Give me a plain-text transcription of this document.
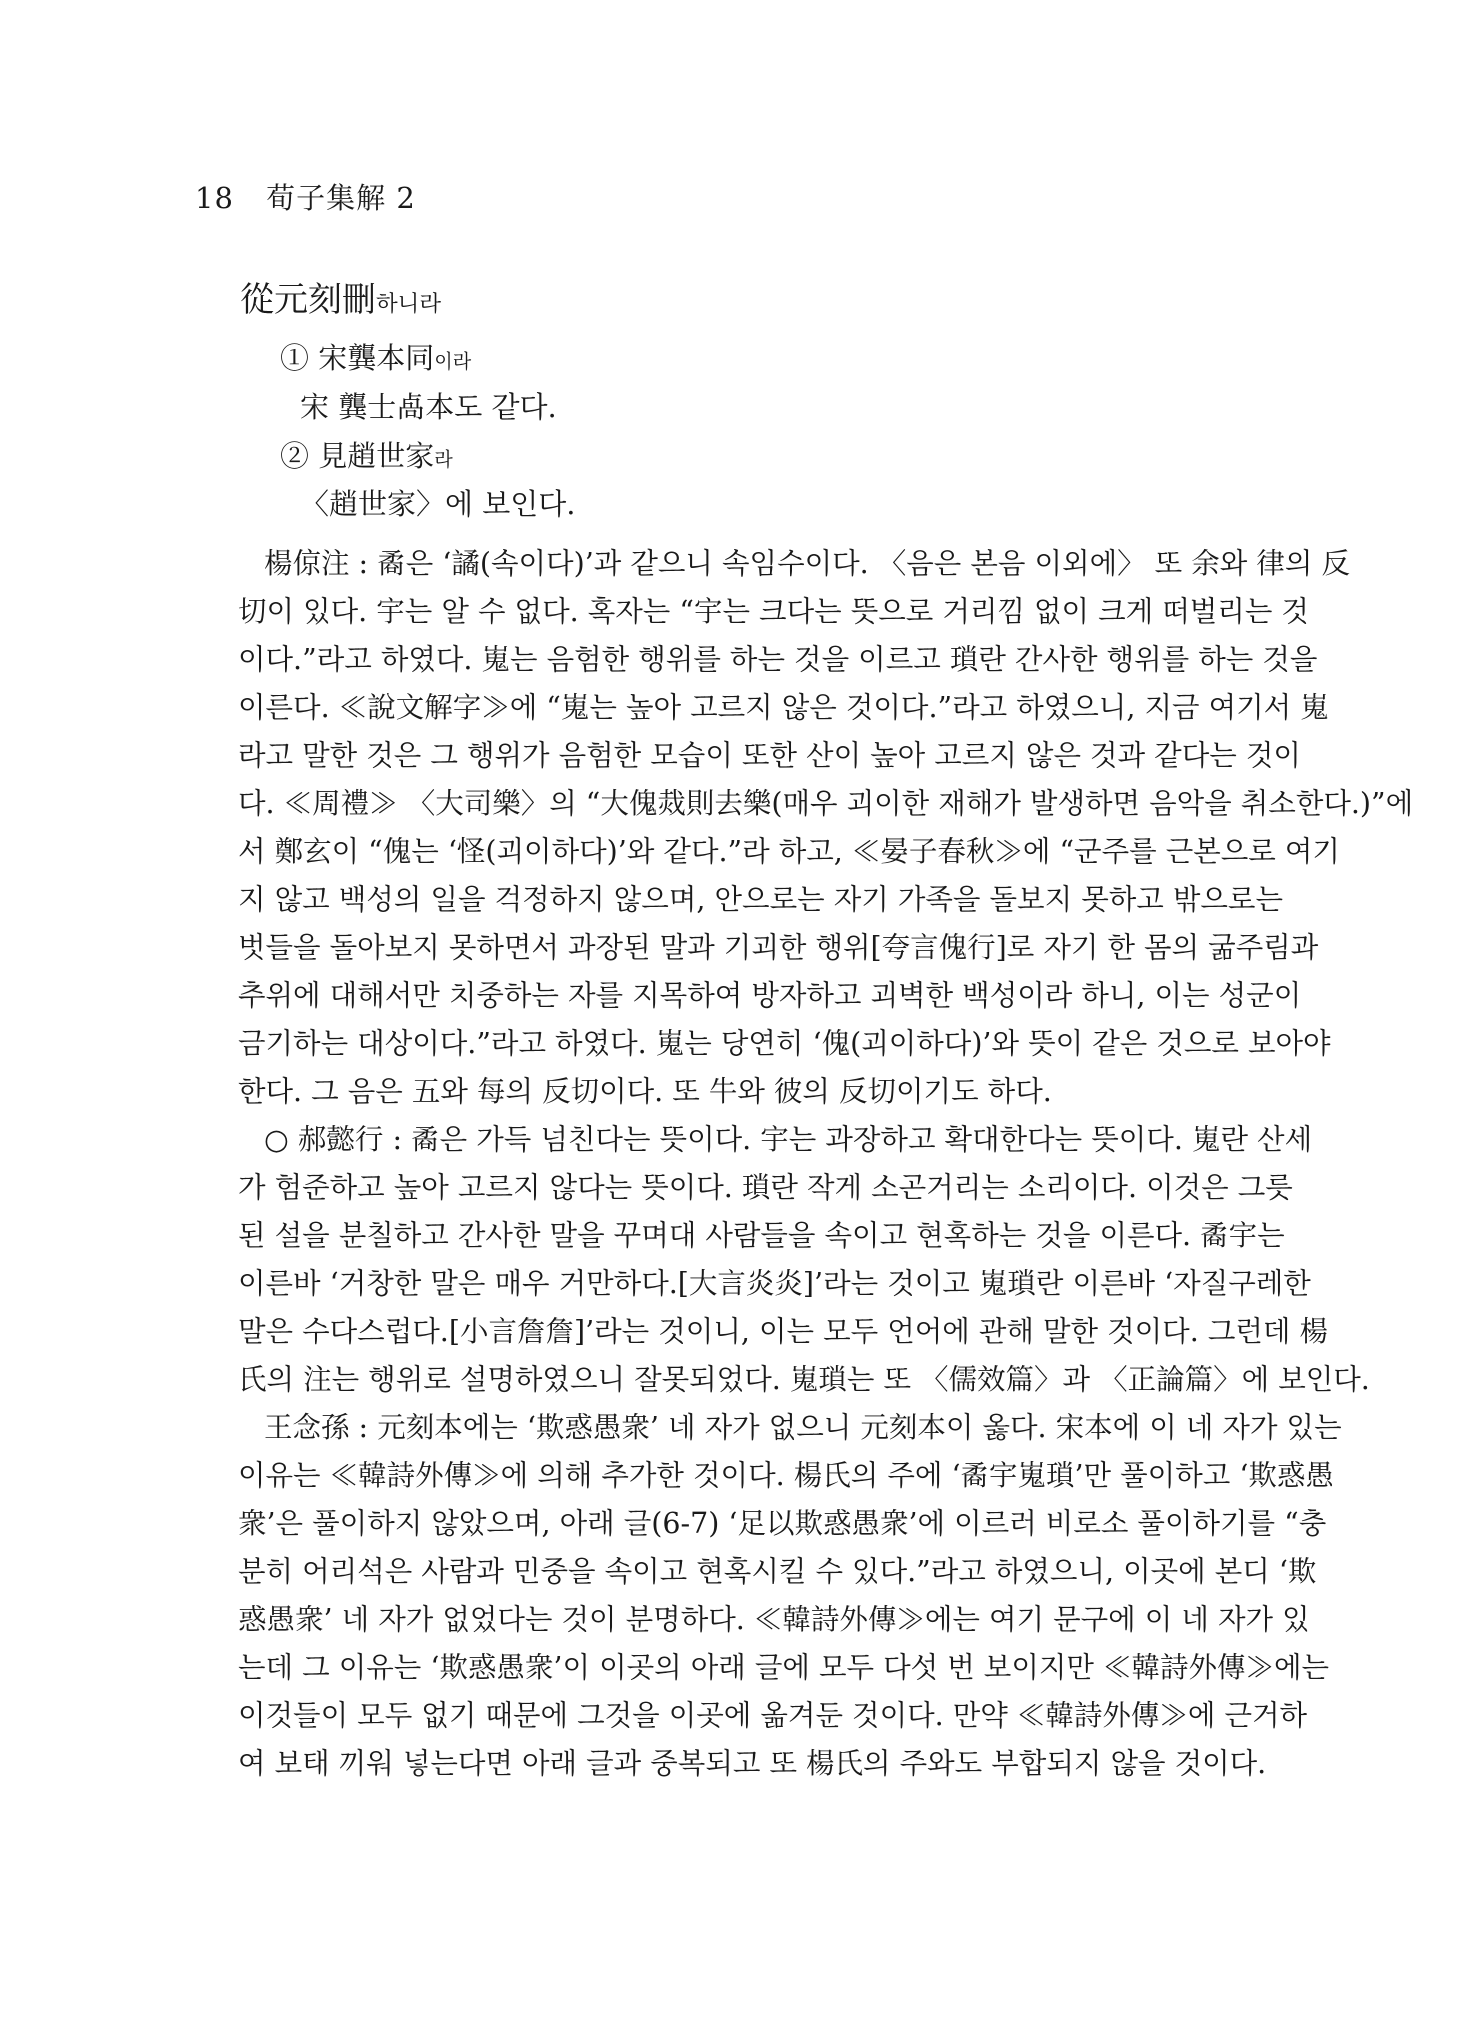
18 荀子集解 2
從元刻刪하니라
① 宋龔本同이라
宋 龔士卨本도 같다.
② 見趙世家라
〈趙世家〉에 보인다.
楊倞注 : 矞은 ‘譎(속이다)’과 같으니 속임수이다. 〈음은 본음 이외에〉 또 余와 律의 反
切이 있다. 宇는 알 수 없다. 혹자는 “宇는 크다는 뜻으로 거리낌 없이 크게 떠벌리는 것
이다.”라고 하였다. 嵬는 음험한 행위를 하는 것을 이르고 瑣란 간사한 행위를 하는 것을
이른다. ≪說文解字≫에 “嵬는 높아 고르지 않은 것이다.”라고 하였으니, 지금 여기서 嵬
라고 말한 것은 그 행위가 음험한 모습이 또한 산이 높아 고르지 않은 것과 같다는 것이
다. ≪周禮≫ 〈大司樂〉의 “大傀烖則去樂(매우 괴이한 재해가 발생하면 음악을 취소한다.)”에
서 鄭玄이 “傀는 ‘怪(괴이하다)’와 같다.”라 하고, ≪晏子春秋≫에 “군주를 근본으로 여기
지 않고 백성의 일을 걱정하지 않으며, 안으로는 자기 가족을 돌보지 못하고 밖으로는
벗들을 돌아보지 못하면서 과장된 말과 기괴한 행위[夸言傀行]로 자기 한 몸의 굶주림과
추위에 대해서만 치중하는 자를 지목하여 방자하고 괴벽한 백성이라 하니, 이는 성군이
금기하는 대상이다.”라고 하였다. 嵬는 당연히 ‘傀(괴이하다)’와 뜻이 같은 것으로 보아야
한다. 그 음은 五와 每의 反切이다. 또 牛와 彼의 反切이기도 하다.
○ 郝懿行 : 矞은 가득 넘친다는 뜻이다. 宇는 과장하고 확대한다는 뜻이다. 嵬란 산세
가 험준하고 높아 고르지 않다는 뜻이다. 瑣란 작게 소곤거리는 소리이다. 이것은 그릇
된 설을 분칠하고 간사한 말을 꾸며대 사람들을 속이고 현혹하는 것을 이른다. 矞宇는
이른바 ‘거창한 말은 매우 거만하다.[大言炎炎]’라는 것이고 嵬瑣란 이른바 ‘자질구레한
말은 수다스럽다.[小言詹詹]’라는 것이니, 이는 모두 언어에 관해 말한 것이다. 그런데 楊
氏의 注는 행위로 설명하였으니 잘못되었다. 嵬瑣는 또 〈儒效篇〉과 〈正論篇〉에 보인다.
王念孫 : 元刻本에는 ‘欺惑愚衆’ 네 자가 없으니 元刻本이 옳다. 宋本에 이 네 자가 있는
이유는 ≪韓詩外傳≫에 의해 추가한 것이다. 楊氏의 주에 ‘矞宇嵬瑣’만 풀이하고 ‘欺惑愚
衆’은 풀이하지 않았으며, 아래 글(6-7) ‘足以欺惑愚衆’에 이르러 비로소 풀이하기를 “충
분히 어리석은 사람과 민중을 속이고 현혹시킬 수 있다.”라고 하였으니, 이곳에 본디 ‘欺
惑愚衆’ 네 자가 없었다는 것이 분명하다. ≪韓詩外傳≫에는 여기 문구에 이 네 자가 있
는데 그 이유는 ‘欺惑愚衆’이 이곳의 아래 글에 모두 다섯 번 보이지만 ≪韓詩外傳≫에는
이것들이 모두 없기 때문에 그것을 이곳에 옮겨둔 것이다. 만약 ≪韓詩外傳≫에 근거하
여 보태 끼워 넣는다면 아래 글과 중복되고 또 楊氏의 주와도 부합되지 않을 것이다.
